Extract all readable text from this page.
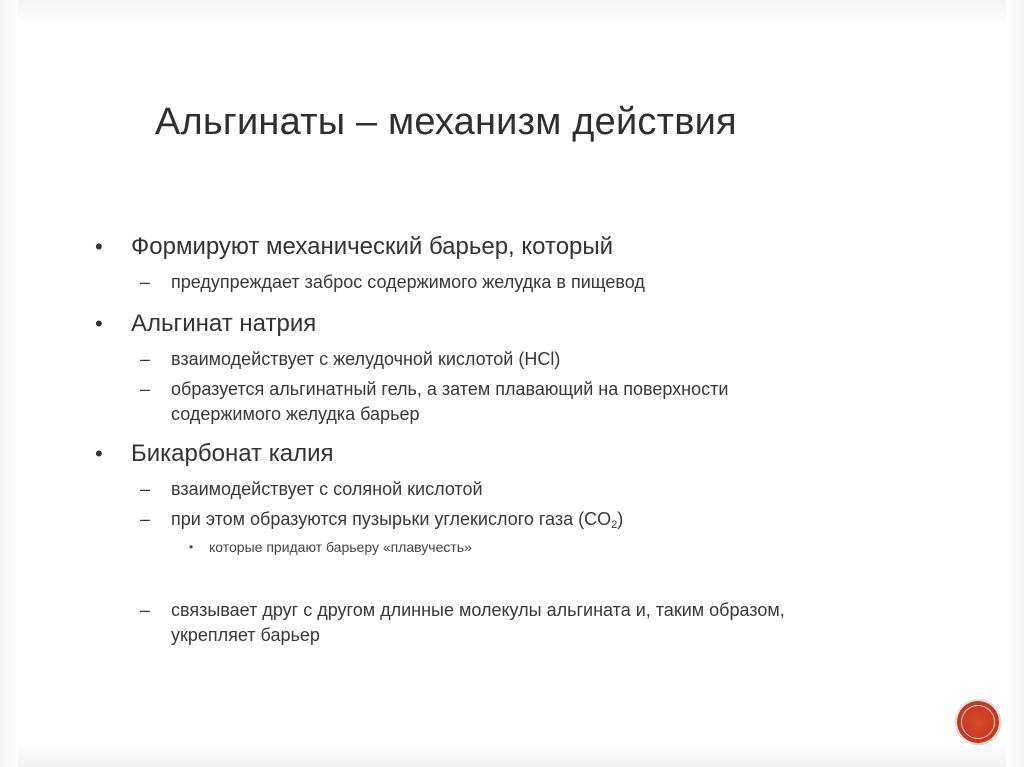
Альгинаты – механизм действия
• Формируют механический барьер, который
– предупреждает заброс содержимого желудка в пищевод
• Альгинат натрия
– взаимодействует с желудочной кислотой (HCl)
– образуется альгинатный гель, а затем плавающий на поверхности
содержимого желудка барьер
• Бикарбонат калия
– взаимодействует с соляной кислотой
– при этом образуются пузырьки углекислого газа $(CO_2)$
• которые придают барьеру «плавучесть»
– связывает друг с другом длинные молекулы альгината и, таким образом,
укрепляет барьер
